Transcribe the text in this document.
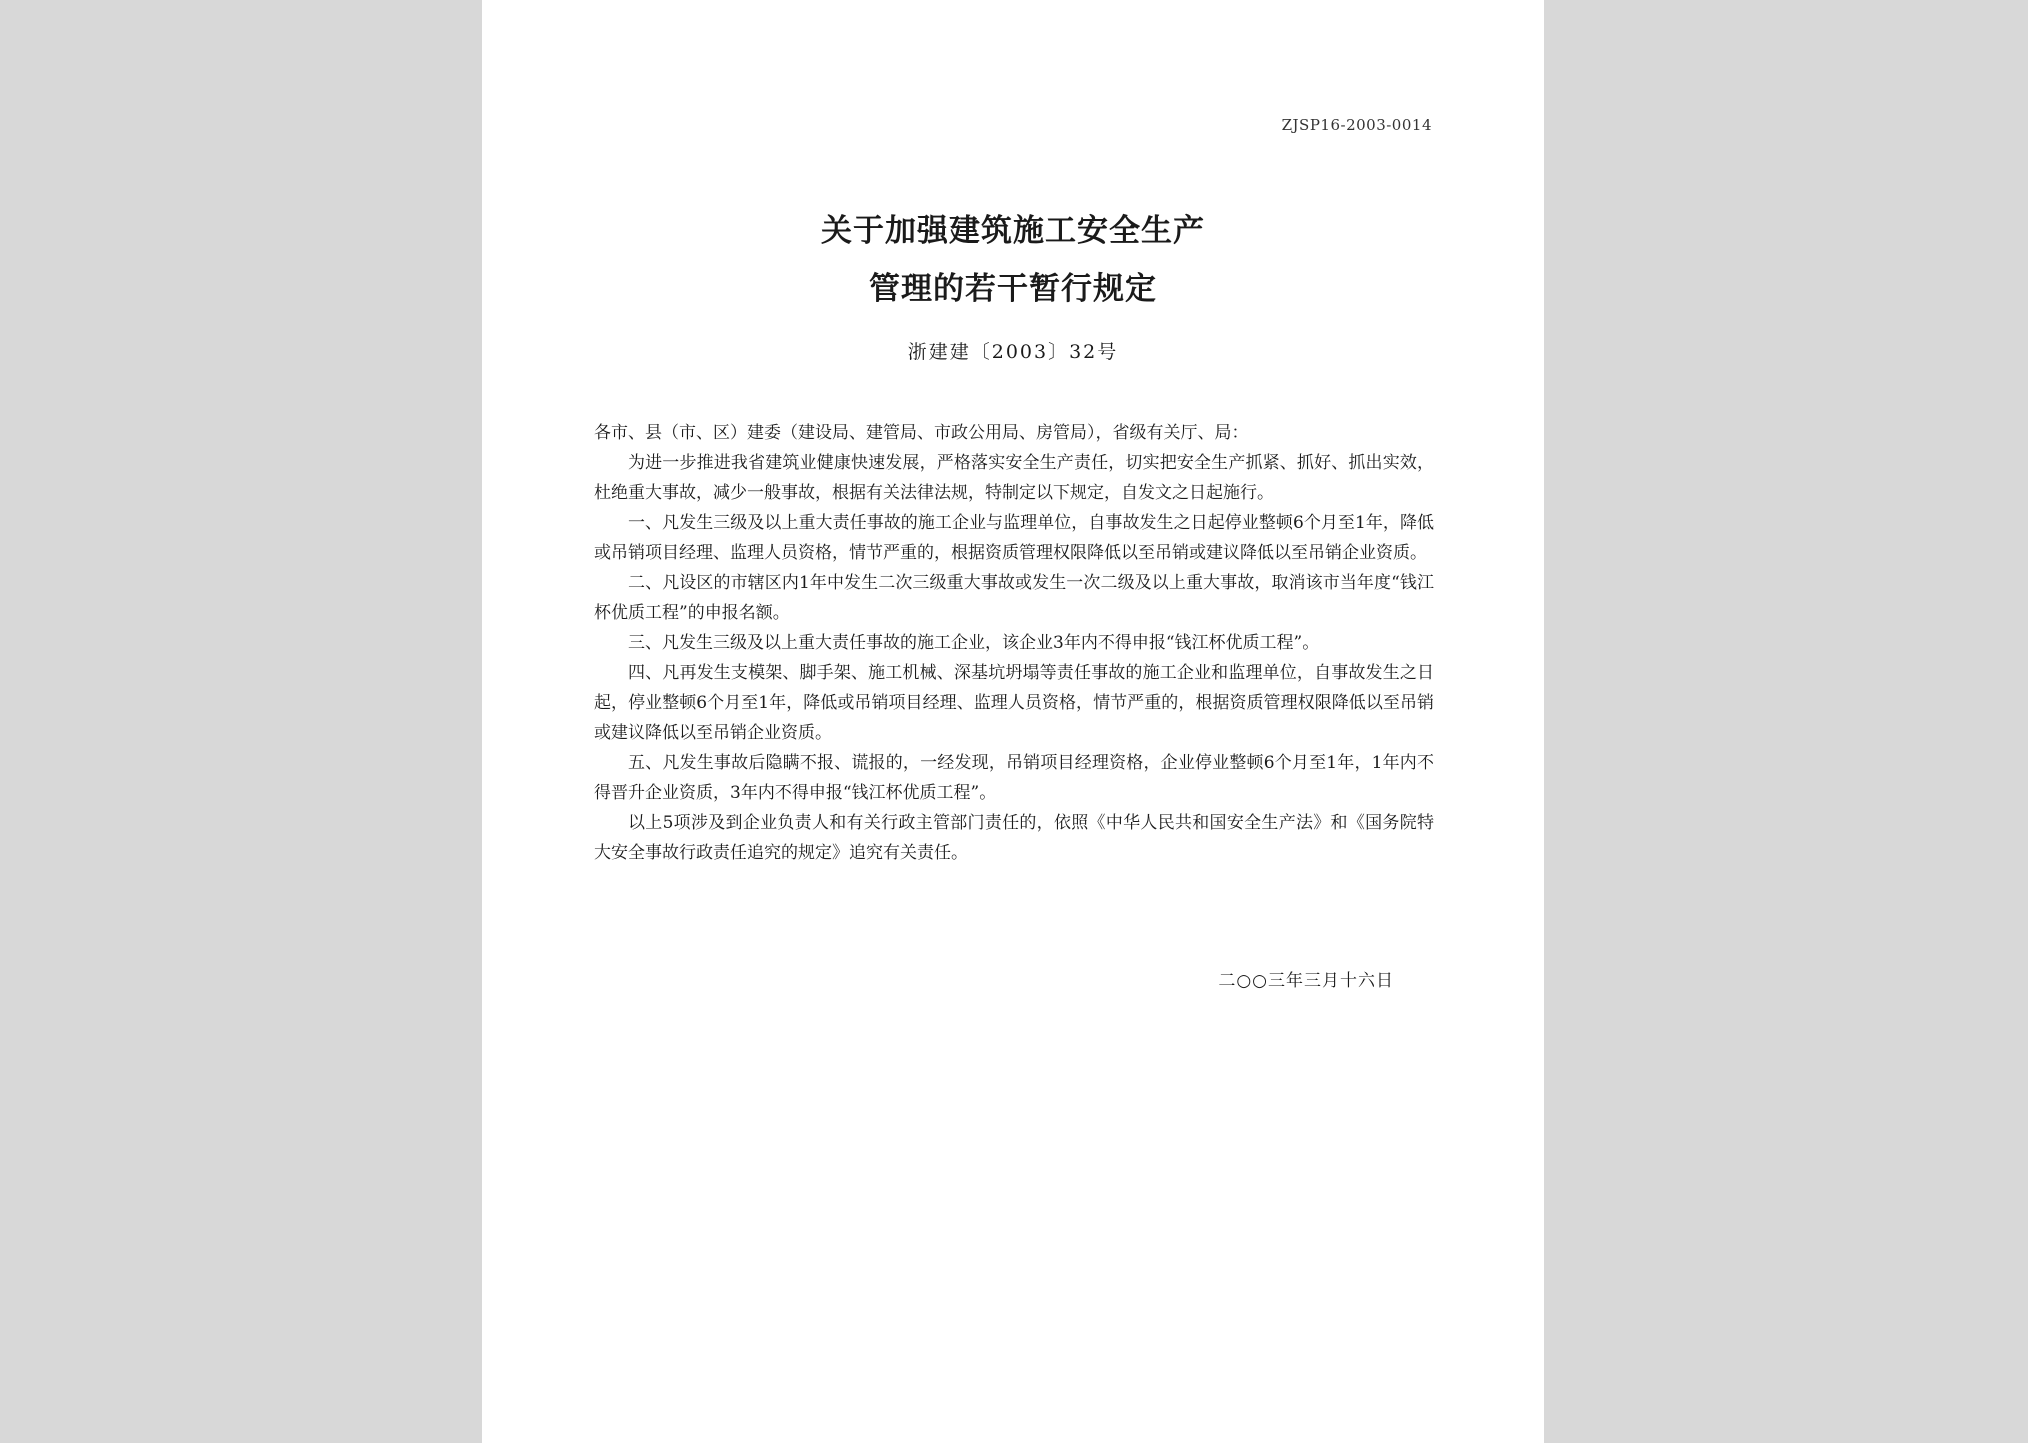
ZJSP16-2003-0014
关于加强建筑施工安全生产
管理的若干暂行规定
浙建建〔2003〕32号

各市、县（市、区）建委（建设局、建管局、市政公用局、房管局），省级有关厅、局：

为进一步推进我省建筑业健康快速发展，严格落实安全生产责任，切实把安全生产抓紧、抓好、抓出实效，杜绝重大事故，减少一般事故，根据有关法律法规，特制定以下规定，自发文之日起施行。

一、凡发生三级及以上重大责任事故的施工企业与监理单位，自事故发生之日起停业整顿6个月至1年，降低或吊销项目经理、监理人员资格，情节严重的，根据资质管理权限降低以至吊销或建议降低以至吊销企业资质。

二、凡设区的市辖区内1年中发生二次三级重大事故或发生一次二级及以上重大事故，取消该市当年度“钱江杯优质工程”的申报名额。

三、凡发生三级及以上重大责任事故的施工企业，该企业3年内不得申报“钱江杯优质工程”。

四、凡再发生支模架、脚手架、施工机械、深基坑坍塌等责任事故的施工企业和监理单位，自事故发生之日起，停业整顿6个月至1年，降低或吊销项目经理、监理人员资格，情节严重的，根据资质管理权限降低以至吊销或建议降低以至吊销企业资质。

五、凡发生事故后隐瞒不报、谎报的，一经发现，吊销项目经理资格，企业停业整顿6个月至1年，1年内不得晋升企业资质，3年内不得申报“钱江杯优质工程”。

以上5项涉及到企业负责人和有关行政主管部门责任的，依照《中华人民共和国安全生产法》和《国务院特大安全事故行政责任追究的规定》追究有关责任。

二○○三年三月十六日
